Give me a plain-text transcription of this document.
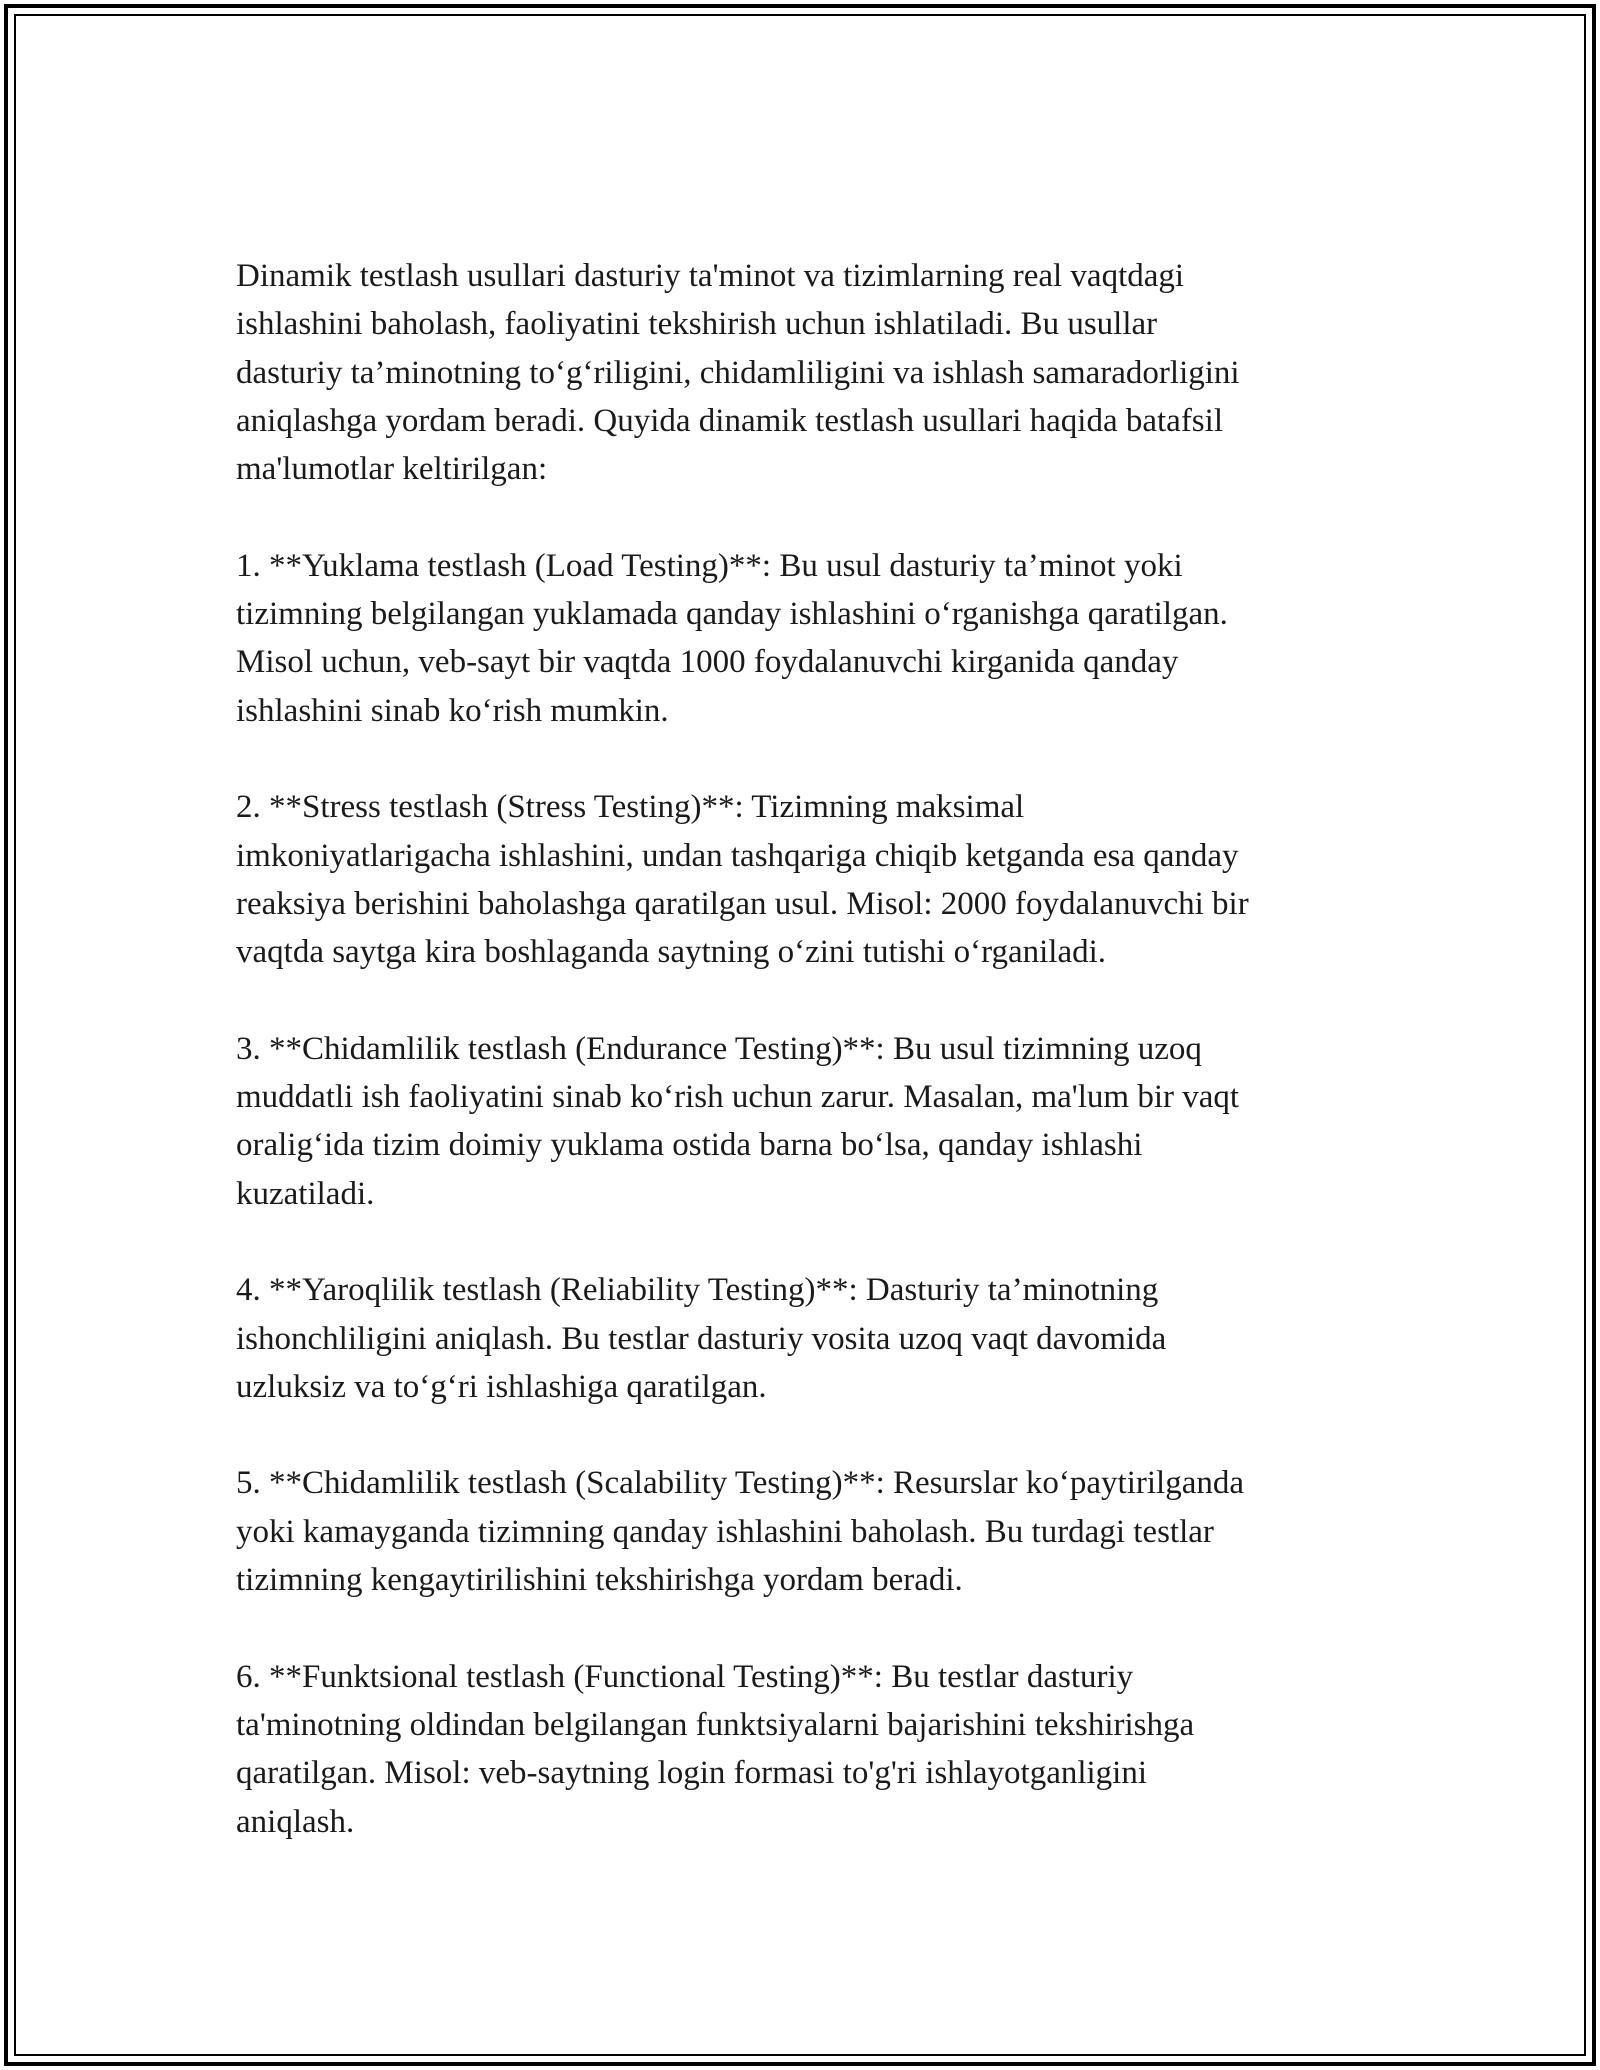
Dinamik testlash usullari dasturiy ta'minot va tizimlarning real vaqtdagi
ishlashini baholash, faoliyatini tekshirish uchun ishlatiladi. Bu usullar
dasturiy ta’minotning to‘g‘riligini, chidamliligini va ishlash samaradorligini
aniqlashga yordam beradi. Quyida dinamik testlash usullari haqida batafsil
ma'lumotlar keltirilgan:

1. **Yuklama testlash (Load Testing)**: Bu usul dasturiy ta’minot yoki
tizimning belgilangan yuklamada qanday ishlashini o‘rganishga qaratilgan.
Misol uchun, veb-sayt bir vaqtda 1000 foydalanuvchi kirganida qanday
ishlashini sinab ko‘rish mumkin.

2. **Stress testlash (Stress Testing)**: Tizimning maksimal
imkoniyatlarigacha ishlashini, undan tashqariga chiqib ketganda esa qanday
reaksiya berishini baholashga qaratilgan usul. Misol: 2000 foydalanuvchi bir
vaqtda saytga kira boshlaganda saytning o‘zini tutishi o‘rganiladi.

3. **Chidamlilik testlash (Endurance Testing)**: Bu usul tizimning uzoq
muddatli ish faoliyatini sinab ko‘rish uchun zarur. Masalan, ma'lum bir vaqt
oralig‘ida tizim doimiy yuklama ostida barna bo‘lsa, qanday ishlashi
kuzatiladi.

4. **Yaroqlilik testlash (Reliability Testing)**: Dasturiy ta’minotning
ishonchliligini aniqlash. Bu testlar dasturiy vosita uzoq vaqt davomida
uzluksiz va to‘g‘ri ishlashiga qaratilgan.

5. **Chidamlilik testlash (Scalability Testing)**: Resurslar ko‘paytirilganda
yoki kamayganda tizimning qanday ishlashini baholash. Bu turdagi testlar
tizimning kengaytirilishini tekshirishga yordam beradi.

6. **Funktsional testlash (Functional Testing)**: Bu testlar dasturiy
ta'minotning oldindan belgilangan funktsiyalarni bajarishini tekshirishga
qaratilgan. Misol: veb-saytning login formasi to'g'ri ishlayotganligini
aniqlash.
